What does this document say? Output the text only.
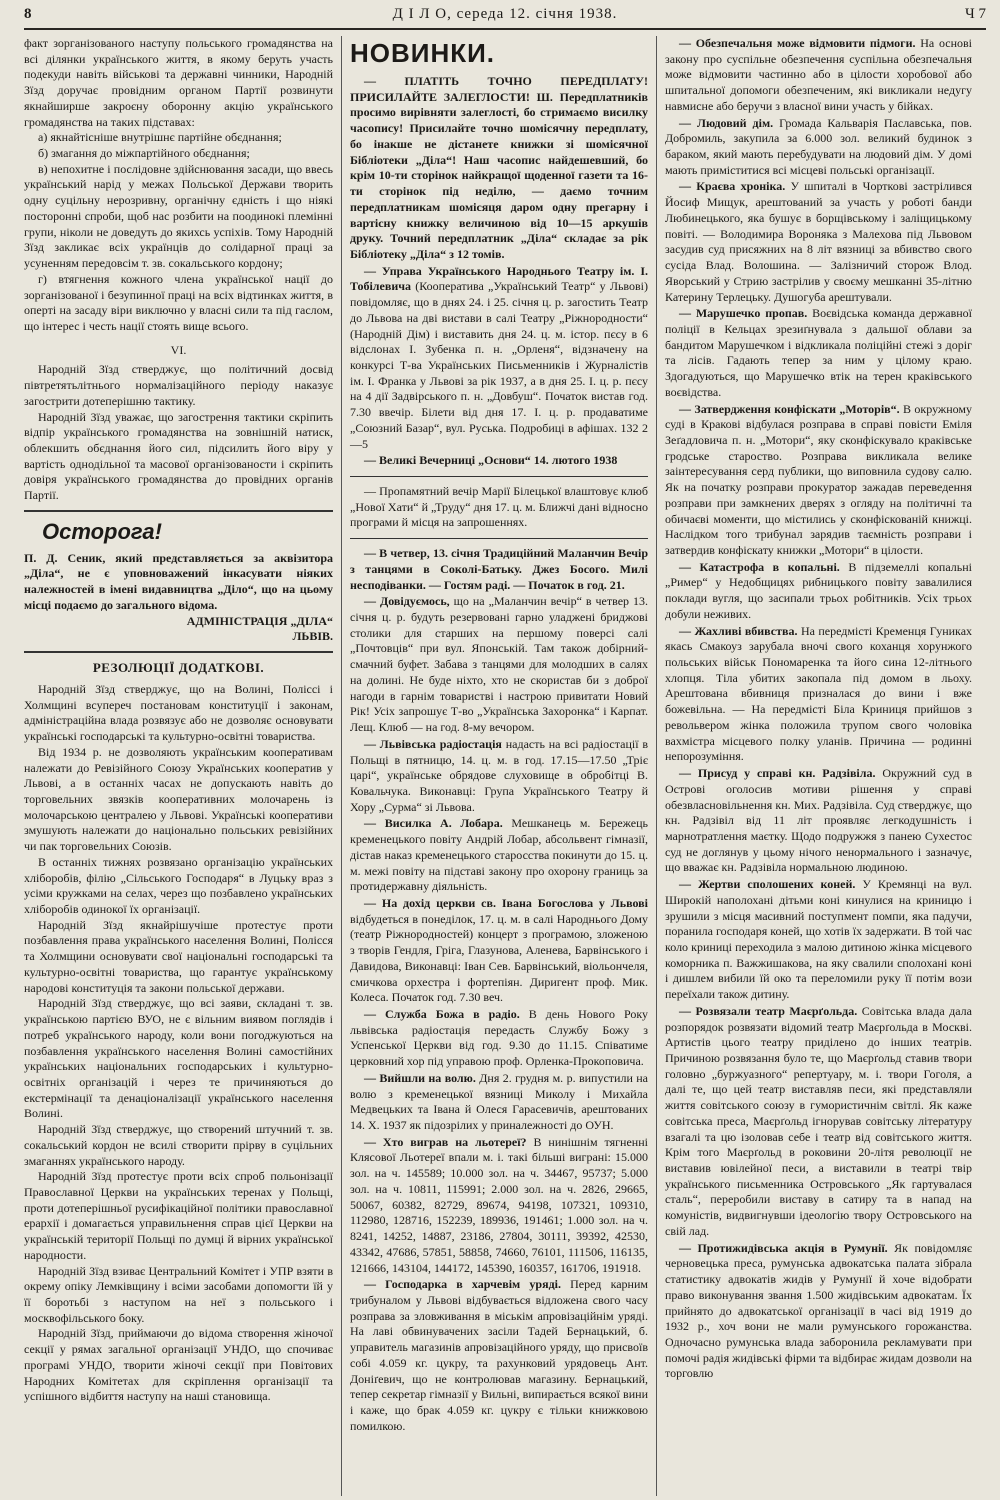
8	Д І Л О, середа 12. січня 1938.	Ч 7

факт зорганізованого наступу польського громадянства на всі ділянки українського життя, в якому беруть участь подекуди навіть військові та державні чинники, Народній Зїзд доручає провідним органом Партії розвинути якнайширше закроєну оборонну акцію українського громадянства на таких підставах:

а) якнайтісніше внутрішнє партійне обєднання;

б) змагання до міжпартійного обєднання;

в) непохитне і послідовне здійснювання засади, що ввесь український нарід у межах Польської Держави творить одну суцільну нерозривну, органічну єдність і що ніякі посторонні спроби, щоб нас розбити на поодинокі племінні групи, ніколи не доведуть до якихсь успіхів. Тому Народній Зїзд закликає всіх українців до солідарної праці за усуненням передовсім т. зв. сокальського кордону;

г) втягнення кожного члена української нації до зорганізованої і безупинної праці на всіх відтинках життя, в оперті на засаду віри виключно у власні сили та під гаслом, що інтерес і честь нації стоять вище всього.

VI.

Народній Зїзд стверджує, що політичний досвід півтретятьлітнього нормалізаційного періоду наказує загострити дотеперішню тактику.

Народній Зїзд уважає, що загострення тактики скріпить відпір українського громадянства на зовнішній натиск, облекшить обєднання його сил, підсилить його віру у вартість однодільної та масової організованости і скріпить довіря українського громадянства до провідних органів Партії.

Осторога!

П. Д. Сеник, який представляється за аквізитора „Діла“, не є уповноважений інкасувати ніяких належностей в імені видавництва „Діло“, що на цьому місці подаємо до загального відома.

АДМІНІСТРАЦІЯ „ДІЛА“
ЛЬВІВ.
РЕЗОЛЮЦІЇ ДОДАТКОВІ.

Народній Зїзд стверджує, що на Волині, Поліссі і Холмщині всупереч постановам конституції і законам, адміністраційна влада розвязує або не дозволяє основувати українські господарські та культурно-освітні товариства.

Від 1934 р. не дозволяють українським кооперативам належати до Ревізійного Союзу Українських кооператив у Львові, а в останніх часах не допускають навіть до торговельних звязків кооперативних молочарень із молочарською централею у Львові. Українські кооперативи змушують належати до національно польських ревізійних чи пак торговельних Союзів.

В останніх тижнях розвязано організацію українських хліборобів, філію „Сільського Господаря“ в Луцьку враз з усіми кружками на селах, через що позбавлено українських хліборобів одинокої їх організації.

Народній Зїзд якнайрішучіше протестує проти позбавлення права українського населення Волині, Полісся та Холмщини основувати свої національні господарські та культурно-освітні товариства, що гарантує українському народові конституція та закони польської держави.

Народній Зїзд стверджує, що всі заяви, складані т. зв. українською партією ВУО, не є вільним виявом поглядів і потреб українського народу, коли вони погоджуються на позбавлення українського населення Волині самостійних українських національних господарських і культурно-освітніх організацій і через те причиняються до екстермінації та денаціоналізації українського населення Волині.

Народній Зїзд стверджує, що створений штучний т. зв. сокальський кордон не всилі створити прірву в суцільних змаганнях українського народу.

Народній Зїзд протестує проти всіх спроб польонізації Православної Церкви на українських теренах у Польщі, проти дотеперішньої русифікаційної політики православної ерархії і домагається управильнення справ цієї Церкви на українській території Польщі по думці й вірних української народности.

Народній Зїзд взиває Центральний Комітет і УПР взяти в окрему опіку Лемківщину і всіми засобами допомогти їй у її боротьбі з наступом на неї з польського і москвофільського боку.

Народній Зїзд, приймаючи до відома створення жіночої секції у рямах загальної організації УНДО, що спочиває програмі УНДО, творити жіночі секції при Повітових Народних Комітетах для скріплення організації та успішного відбиття наступу на наші становища.

НОВИНКИ.

— ПЛАТІТЬ ТОЧНО ПЕРЕДПЛАТУ! ПРИСИЛАЙТЕ ЗАЛЕГЛОСТИ! Ш. Передплатників просимо вирівняти залеглості, бо стримаємо висилку часопису! Присилайте точно шомісячну передплату, бо інакше не дістанете книжки зі шомісячної Бібліотеки „Діла“! Наш часопис найдешевший, бо крім 10-ти сторінок найкращої щоденної газети та 16-ти сторінок під неділю, — даємо точним передплатникам шомісяця даром одну прегарну і вартісну книжку величиною від 10—15 аркушів друку. Точний передплатник „Діла“ складає за рік Бібліотеку „Діла“ з 12 томів.

— Управа Українського Народнього Театру ім. І. Тобілевича (Кооператива „Український Театр“ у Львові) повідомляє, що в днях 24. і 25. січня ц. р. загостить Театр до Львова на дві вистави в салі Театру „Ріжнородности“ (Народній Дім) і виставить дня 24. ц. м. істор. пєсу в 6 відслонах І. Зубенка п. н. „Орленя“, відзначену на конкурсі Т-ва Українських Письменників і Журналістів ім. І. Франка у Львові за рік 1937, а в дня 25. І. ц. р. пєсу на 4 дії Задвірського п. н. „Довбуш“. Початок вистав год. 7.30 ввечір. Білети від дня 17. І. ц. р. продаватиме „Союзний Базар“, вул. Руська. Подробиці в афішах. 132 2—5

— Великі Вечерниці „Основи“ 14. лютого 1938

— Пропамятний вечір Марії Білецької влаштовує клюб „Нової Хати“ й „Труду“ дня 17. ц. м. Ближчі дані відносно програми й місця на запрошеннях.

— В четвер, 13. січня Традиційний Маланчин Вечір з танцями в Соколі-Батьку. Джез Босого. Милі несподіванки. — Гостям раді. — Початок в год. 21.

— Довідуємось, що на „Маланчин вечір“ в четвер 13. січня ц. р. будуть резервовані гарно уладжені бриджові столики для старших на першому поверсі салі „Почтовців“ при вул. Японській. Там також добірний-смачний буфет. Забава з танцями для молодших в салях на долині. Не буде ніхто, хто не скористав би з доброї нагоди в гарнім товаристві і настрою привитати Новий Рік! Усіх запрошує Т-во „Українська Захоронка“ і Карпат. Лещ. Клюб — на год. 8-му вечором.

— Львівська радіостація надасть на всі радіостації в Польщі в пятницю, 14. ц. м. в год. 17.15—17.50 „Тріє царі“, українське обрядове слуховище в обробітці В. Ковальчука. Виконавці: Група Українського Театру й Хору „Сурма“ зі Львова.

— Висилка А. Лобара. Мешканець м. Бережець кременецького повіту Андрій Лобар, абсольвент гімназії, дістав наказ кременецького старосства покинути до 15. ц. м. межі повіту на підставі закону про охорону границь за протидержавну діяльність.

— На дохід церкви св. Івана Богослова у Львові відбудеться в понеділок, 17. ц. м. в салі Народнього Дому (театр Ріжнородностей) концерт з програмою, зложеною з творів Гендля, Гріга, Глазунова, Аленева, Барвінського і Давидова, Виконавці: Іван Сев. Барвінський, віольончеля, смичкова орхестра і фортепіян. Диригент проф. Мик. Колеса. Початок год. 7.30 веч.

— Служба Божа в радіо. В день Нового Року львівська радіостація передасть Службу Божу з Успенської Церкви від год. 9.30 до 11.15. Співатиме церковний хор під управою проф. Орленка-Прокоповича.

— Вийшли на волю. Дня 2. грудня м. р. випустили на волю з кременецької вязниці Миколу і Михайла Медвецьких та Івана й Олеся Гарасевичів, арештованих 14. Х. 1937 як підозрілих у приналежності до ОУН.

— Хто виграв на льотереї? В нинішнім тягненні Клясової Льотереї впали м. і. такі більші виграні: 15.000 зол. на ч. 145589; 10.000 зол. на ч. 34467, 95737; 5.000 зол. на ч. 10811, 115991; 2.000 зол. на ч. 2826, 29665, 50067, 60382, 82729, 89674, 94198, 107321, 109310, 112980, 128716, 152239, 189936, 191461; 1.000 зол. на ч. 8241, 14252, 14887, 23186, 27804, 30111, 39392, 42530, 43342, 47686, 57851, 58858, 74660, 76101, 111506, 116135, 121666, 143104, 144172, 145390, 160357, 161706, 191918.

— Господарка в харчевім уряді. Перед карним трибуналом у Львові відбувається відложена свого часу розправа за зловживання в міськім апровізаційнім уряді. На лаві обвинувачених засіли Тадей Бернацький, б. управитель магазинів апровізаційного уряду, що присвоїв собі 4.059 кг. цукру, та рахунковий урядовець Ант. Доніґевич, що не контролював магазину. Бернацький, тепер секретар гімназії у Вильні, випирається всякої вини і каже, що брак 4.059 кг. цукру є тільки книжковою помилкою.

— Обезпечальня може відмовити підмоги. На основі закону про суспільне обезпечення суспільна обезпечальня може відмовити частинно або в цілости хоробової або шпитальної допомоги обезпеченим, які викликали недугу навмисне або беручи з власної вини участь у бійках.

— Людовий дім. Громада Кальварія Паславська, пов. Добромиль, закупила за 6.000 зол. великий будинок з бараком, який мають перебудувати на людовий дім. У домі мають приміститися всі місцеві польські організації.

— Краєва хроніка. У шпиталі в Чорткові застрілився Йосиф Мищук, арештований за участь у роботі банди Любинецького, яка бушує в борщівському і заліщицькому повіті. — Володимира Вороняка з Малехова під Львовом засудив суд присяжних на 8 літ вязниці за вбивство свого сусіда Влад. Волошина. — Залізничий сторож Влод. Яворський у Стрию застрілив у своєму мешканні 35-літню Катерину Терлецьку. Душогуба арештували.

— Марушечко пропав. Воєвідська команда державної поліції в Кельцах зрезиґнувала з дальшої облави за бандитом Марушечком і відкликала поліційні стежі з доріг та лісів. Гадають тепер за ним у цілому краю. Здогадуються, що Марушечко втік на терен краківського воєвідства.

— Затвердження конфіскати „Моторів“. В окружному суді в Кракові відбулася розправа в справі повісти Еміля Зеґадловича п. н. „Мотори“, яку сконфіскувало краківське гродське староство. Розправа викликала велике заінтересування серд публики, що виповнила судову салю. Як на початку розправи прокуратор зажадав переведення розправи при замкнених дверях з огляду на політичні та обичаєві моменти, що містились у сконфіскованій книжці. Наслідком того трибунал зарядив таємність розправи і затвердив конфіскату книжки „Мотори“ в цілости.

— Катастрофа в копальні. В підземеллі копальні „Ример“ у Недобщицях рибницького повіту завалилися поклади вугля, що засипали трьох робітників. Усіх трьох добули неживих.

— Жахливі вбивства. На передмісті Кременця Гуниках якась Смакоуз зарубала вночі свого коханця хорунжого польських військ Пономаренка та його сина 12-літнього хлопця. Тіла убитих закопала під домом в льоху. Арештована вбивниця призналася до вини і вже божевільна. — На передмісті Біла Криниця прийшов з револьвером жінка положила трупом свого чоловіка вахмістра місцевого полку уланів. Причина — родинні непорозуміння.

— Присуд у справі кн. Радзівіла. Окружний суд в Острові оголосив мотиви рішення у справі обезвласновільнення кн. Мих. Радзівіла. Суд стверджує, що кн. Радзівіл від 11 літ проявляє легкодушність і марнотратлення маєтку. Щодо подружжя з панею Сухестос суд не доглянув у цьому нічого ненормального і зазначує, що вважає кн. Радзівіла нормальною людиною.

— Жертви сполошених коней. У Кремянці на вул. Широкій наполохані дітьми коні кинулися на криницю і зрушили з місця масивний поступмент помпи, яка падучи, поранила господаря коней, що хотів їх задержати. В той час коло криниці переходила з малою дитиною жінка місцевого коморника п. Важжишакова, на яку свалили сполохані коні і дишлем вибили їй око та переломили руку її потім вози переїхали також дитину.

— Розвязали театр Маєрґольда. Совітська влада дала розпорядок розвязати відомий театр Маєрґольда в Москві. Артистів цього театру приділено до інших театрів. Причиною розвязання було те, що Маєрґольд ставив твори головно „буржуазного“ репертуару, м. і. твори Гоголя, а далі те, що цей театр виставляв песи, які представляли життя совітського союзу в гумористичнім світлі. Як каже совітська преса, Маєрґольд ігнорував совітську літературу взагалі та цю ізоловав себе і театр від совітського життя. Крім того Маєрґольд в роковини 20-літя революції не виставив ювілейної песи, а виставили в театрі твір українського письменника Островського „Як гартувалася сталь“, переробили виставу в сатиру та в напад на комуністів, видвигнувши ідеологію твору Островського на свій лад.

— Протижидівська акція в Румунії. Як повідомляє черновецька преса, румунська адвокатська палата зібрала статистику адвокатів жидів у Румунії й хоче відобрати право виконування звання 1.500 жидівським адвокатам. Їх прийнято до адвокатської організації в часі від 1919 до 1932 р., хоч вони не мали румунського горожанства. Одночасно румунська влада заборонила рекламувати при помочі радія жидівські фірми та відбирає жидам дозволи на торговлю
